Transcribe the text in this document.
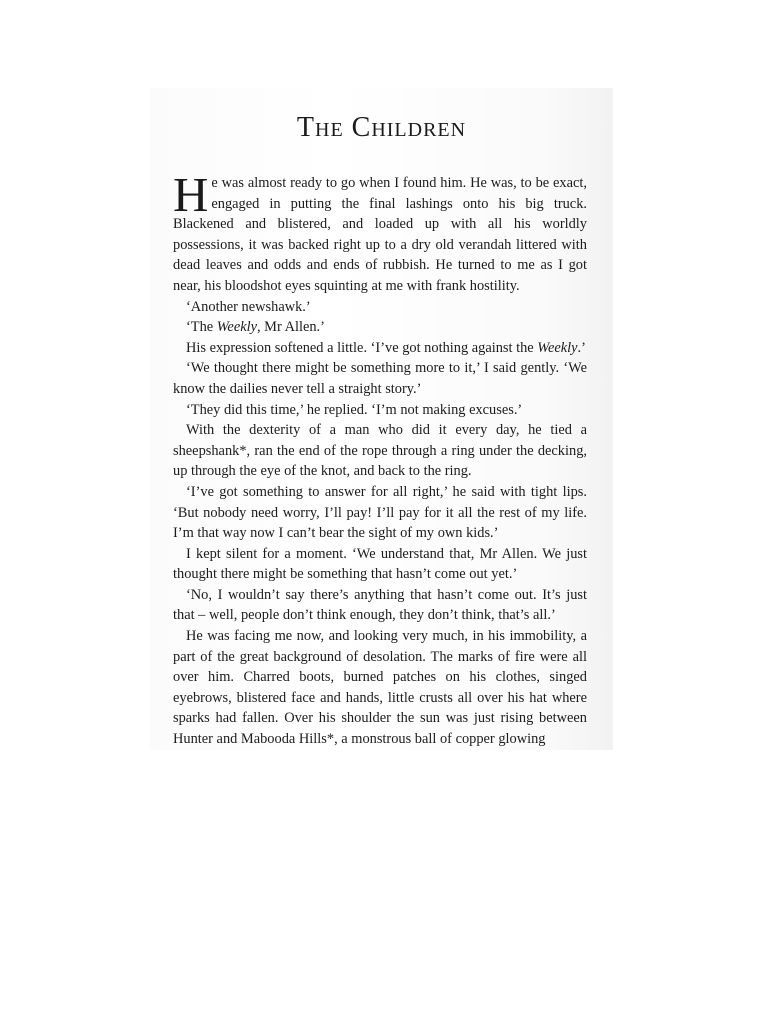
The Children

He was almost ready to go when I found him. He was, to be exact, engaged in putting the final lashings onto his big truck. Blackened and blistered, and loaded up with all his worldly possessions, it was backed right up to a dry old verandah littered with dead leaves and odds and ends of rubbish. He turned to me as I got near, his bloodshot eyes squinting at me with frank hostility.

‘Another newshawk.’

‘The Weekly, Mr Allen.’

His expression softened a little. ‘I’ve got nothing against the Weekly.’

‘We thought there might be something more to it,’ I said gently. ‘We know the dailies never tell a straight story.’

‘They did this time,’ he replied. ‘I’m not making excuses.’

With the dexterity of a man who did it every day, he tied a sheepshank*, ran the end of the rope through a ring under the decking, up through the eye of the knot, and back to the ring.

‘I’ve got something to answer for all right,’ he said with tight lips. ‘But nobody need worry, I’ll pay! I’ll pay for it all the rest of my life. I’m that way now I can’t bear the sight of my own kids.’

I kept silent for a moment. ‘We understand that, Mr Allen. We just thought there might be something that hasn’t come out yet.’

‘No, I wouldn’t say there’s anything that hasn’t come out. It’s just that – well, people don’t think enough, they don’t think, that’s all.’

He was facing me now, and looking very much, in his immobility, a part of the great background of desolation. The marks of fire were all over him. Charred boots, burned patches on his clothes, singed eyebrows, blistered face and hands, little crusts all over his hat where sparks had fallen. Over his shoulder the sun was just rising between Hunter and Mabooda Hills*, a monstrous ball of copper glowing
